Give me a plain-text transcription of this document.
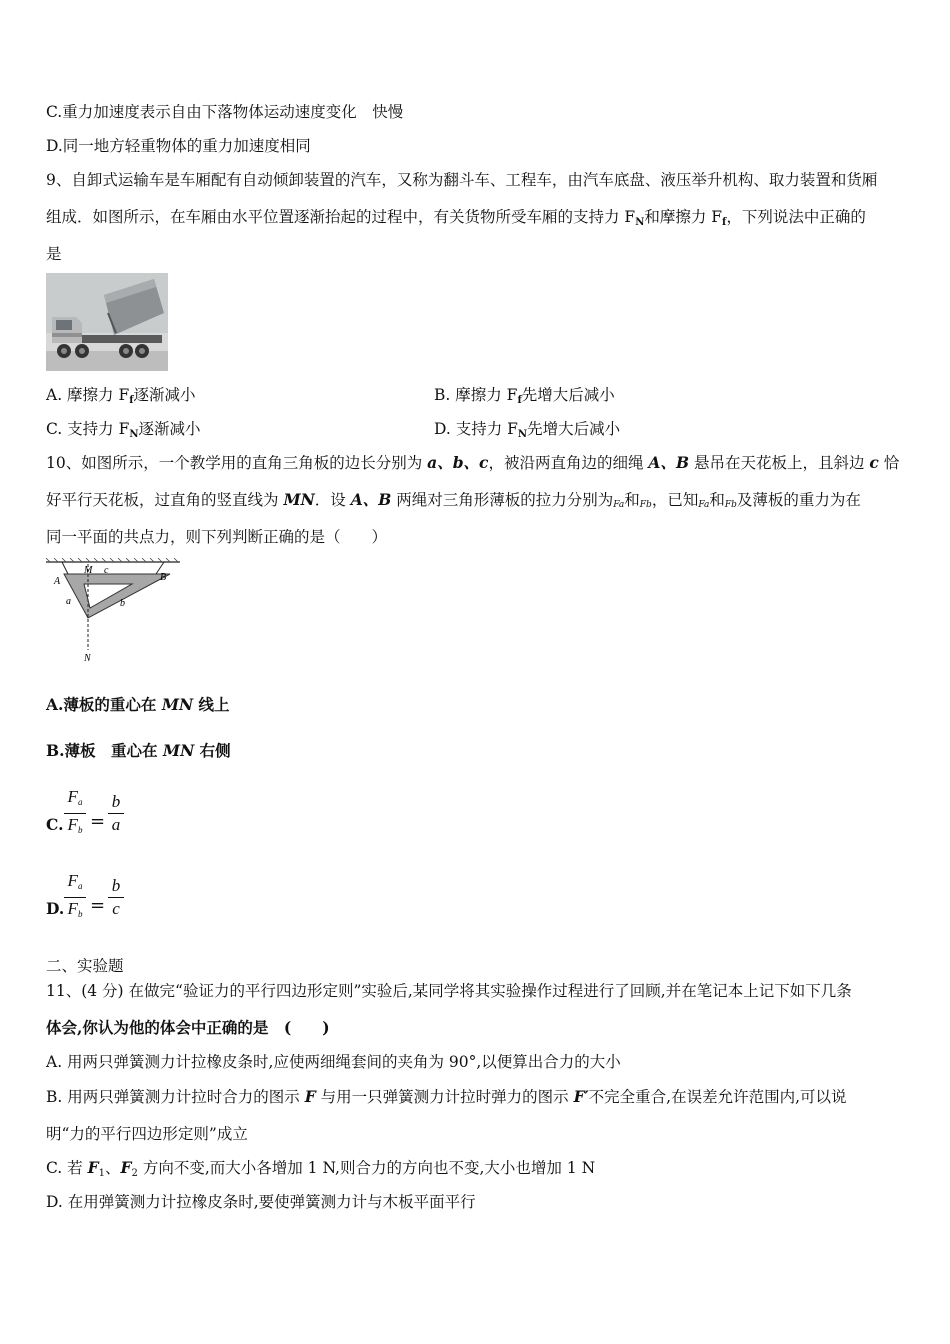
C.重力加速度表示自由下落物体运动速度变化　快慢
D.同一地方轻重物体的重力加速度相同
9、自卸式运输车是车厢配有自动倾卸装置的汽车，又称为翻斗车、工程车，由汽车底盘、液压举升机构、取力装置和货厢
组成．如图所示，在车厢由水平位置逐渐抬起的过程中，有关货物所受车厢的支持力 $F_N$和摩擦力 $F_f$，下列说法中正确的
是
A. 摩擦力 $F_f$逐渐减小	B. 摩擦力 $F_f$先增大后减小
C. 支持力 $F_N$逐渐减小	D. 支持力 $F_N$先增大后减小
10、如图所示，一个教学用的直角三角板的边长分别为 a、b、c，被沿两直角边的细绳 A、B 悬吊在天花板上，且斜边 c 恰
好平行天花板，过直角的竖直线为 MN．设 A、B 两绳对三角形薄板的拉力分别为Fa和Fb，已知Fa和Fb及薄板的重力为在
同一平面的共点力，则下列判断正确的是（　　）
M c
A	B
a	b
N
A.薄板的重心在 MN 线上
B.薄板　重心在 MN 右侧
C.
$F_a$
$F_b$ =
b
a
D.
$F_a$
$F_b$ =
b
c
二、实验题
11、(4 分) 在做完“验证力的平行四边形定则”实验后,某同学将其实验操作过程进行了回顾,并在笔记本上记下如下几条
体会,你认为他的体会中正确的是　(　　)
A. 用两只弹簧测力计拉橡皮条时,应使两细绳套间的夹角为 90°,以便算出合力的大小
B. 用两只弹簧测力计拉时合力的图示 F 与用一只弹簧测力计拉时弹力的图示 F′不完全重合,在误差允许范围内,可以说
明“力的平行四边形定则”成立
C. 若 $F_1$、$F_2$ 方向不变,而大小各增加 1 N,则合力的方向也不变,大小也增加 1 N
D. 在用弹簧测力计拉橡皮条时,要使弹簧测力计与木板平面平行
